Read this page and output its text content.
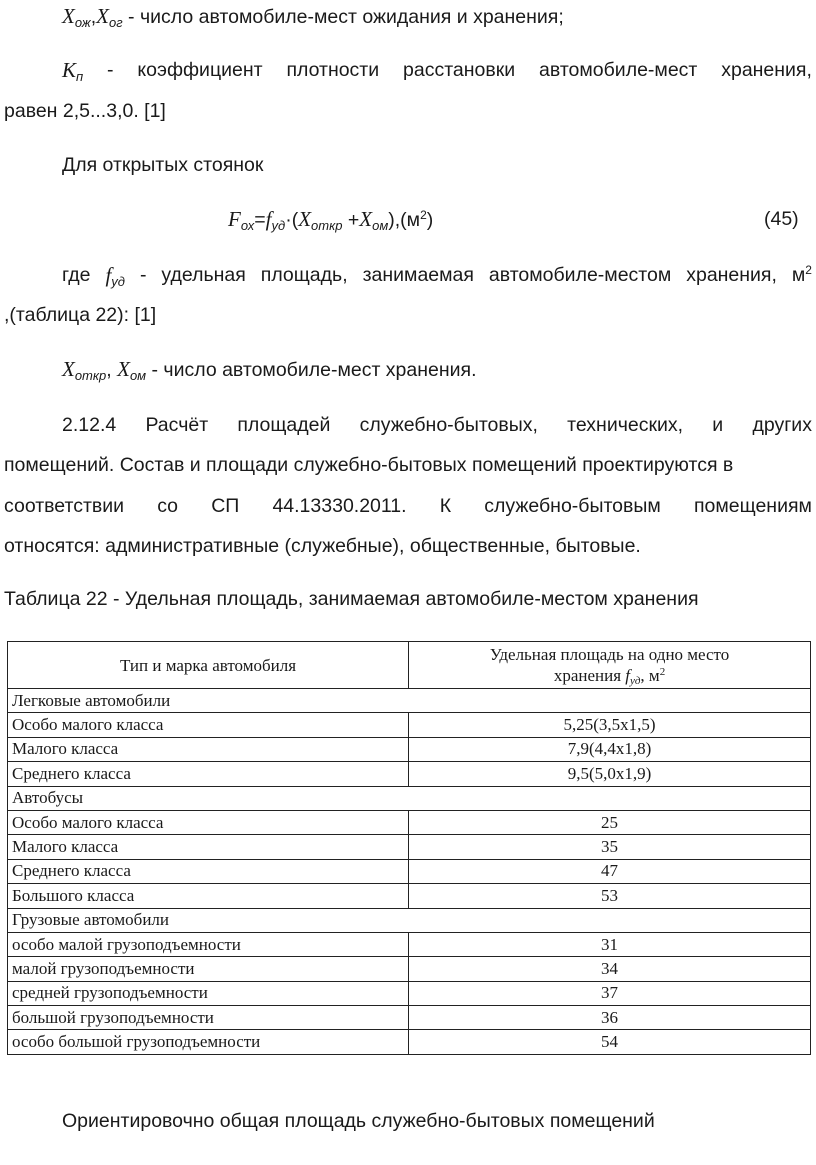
$X_{ож},X_{ог}$ - число автомобиле-мест ожидания и хранения;
$K_п$ - коэффициент плотности расстановки автомобиле-мест хранения,
равен 2,5...3,0. [1]
Для открытых стоянок
$F_{ох}=f_{уд}\cdot(X_{откр} +X_{ом}),(м^2)$	(45)
где $f_{уд}$ - удельная площадь, занимаемая автомобиле-местом хранения, $м^2$
,(таблица 22): [1]
$X_{откр}$, $X_{ом}$ - число автомобиле-мест хранения.
2.12.4 Расчёт площадей служебно-бытовых, технических, и других
помещений. Состав и площади служебно-бытовых помещений проектируются в
соответствии со СП 44.13330.2011. К служебно-бытовым помещениям
относятся: административные (служебные), общественные, бытовые.
Таблица 22 - Удельная площадь, занимаемая автомобиле-местом хранения
Тип и марка автомобиля	Удельная площадь на одно место
хранения $f_{уд}$, $м^2$
Легковые автомобили	
Особо малого класса	5,25(3,5x1,5)
Малого класса	7,9(4,4x1,8)
Среднего класса	9,5(5,0x1,9)
Автобусы	
Особо малого класса	25
Малого класса	35
Среднего класса	47
Большого класса	53
Грузовые автомобили	
особо малой грузоподъемности	31
малой грузоподъемности	34
средней грузоподъемности	37
большой грузоподъемности	36
особо большой грузоподъемности	54
Ориентировочно общая площадь служебно-бытовых помещений
